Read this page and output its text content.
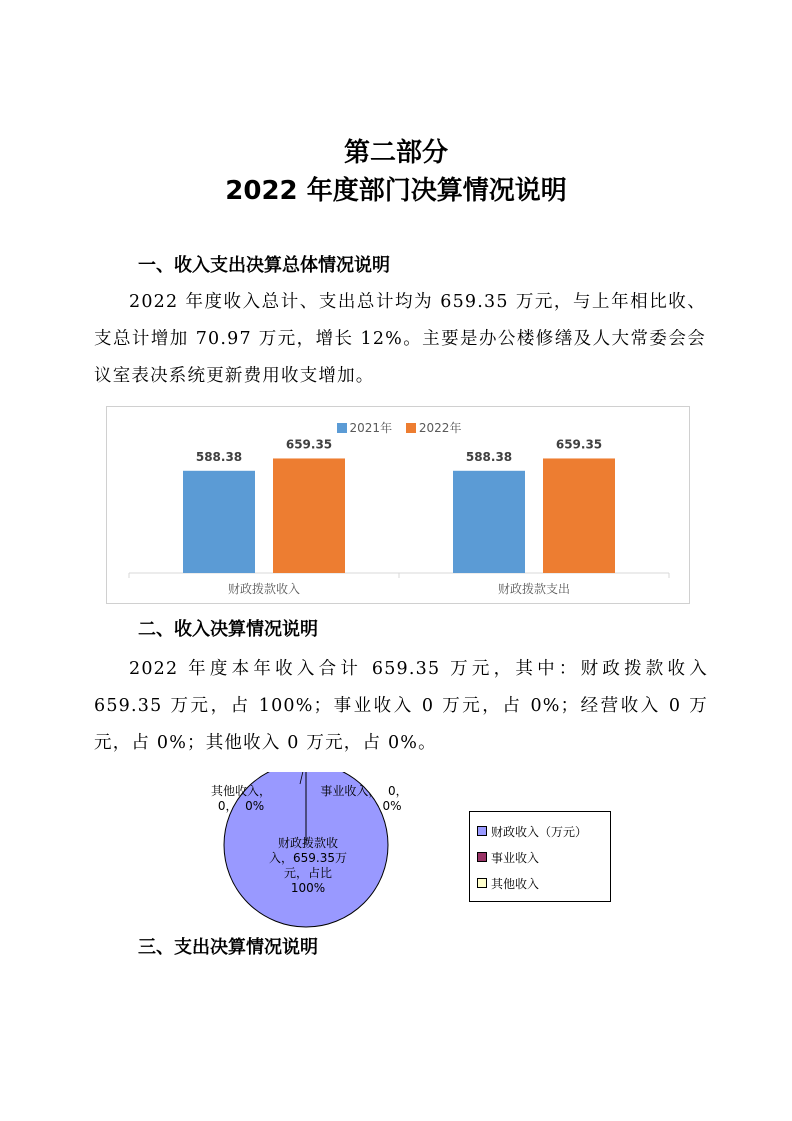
第二部分
2022 年度部门决算情况说明
一、收入支出决算总体情况说明
2022 年度收入总计、支出总计均为 659.35 万元，与上年相比收、支总计增加 70.97 万元，增长 12%。主要是办公楼修缮及人大常委会会议室表决系统更新费用收支增加。
2021年 2022年
588.38
659.35
财政拨款收入
588.38
659.35
财政拨款支出
二、收入决算情况说明
2022 年度本年收入合计 659.35 万元，其中：财政拨款收入 659.35 万元，占 100%；事业收入 0 万元，占 0%；经营收入 0 万元，占 0%；其他收入 0 万元，占 0%。
财政拨款收
入，659.35万
元，占比
100%
其他收入，
0，  0%
事业收入，  0，
0%
财政收入（万元）
事业收入
其他收入
三、支出决算情况说明
